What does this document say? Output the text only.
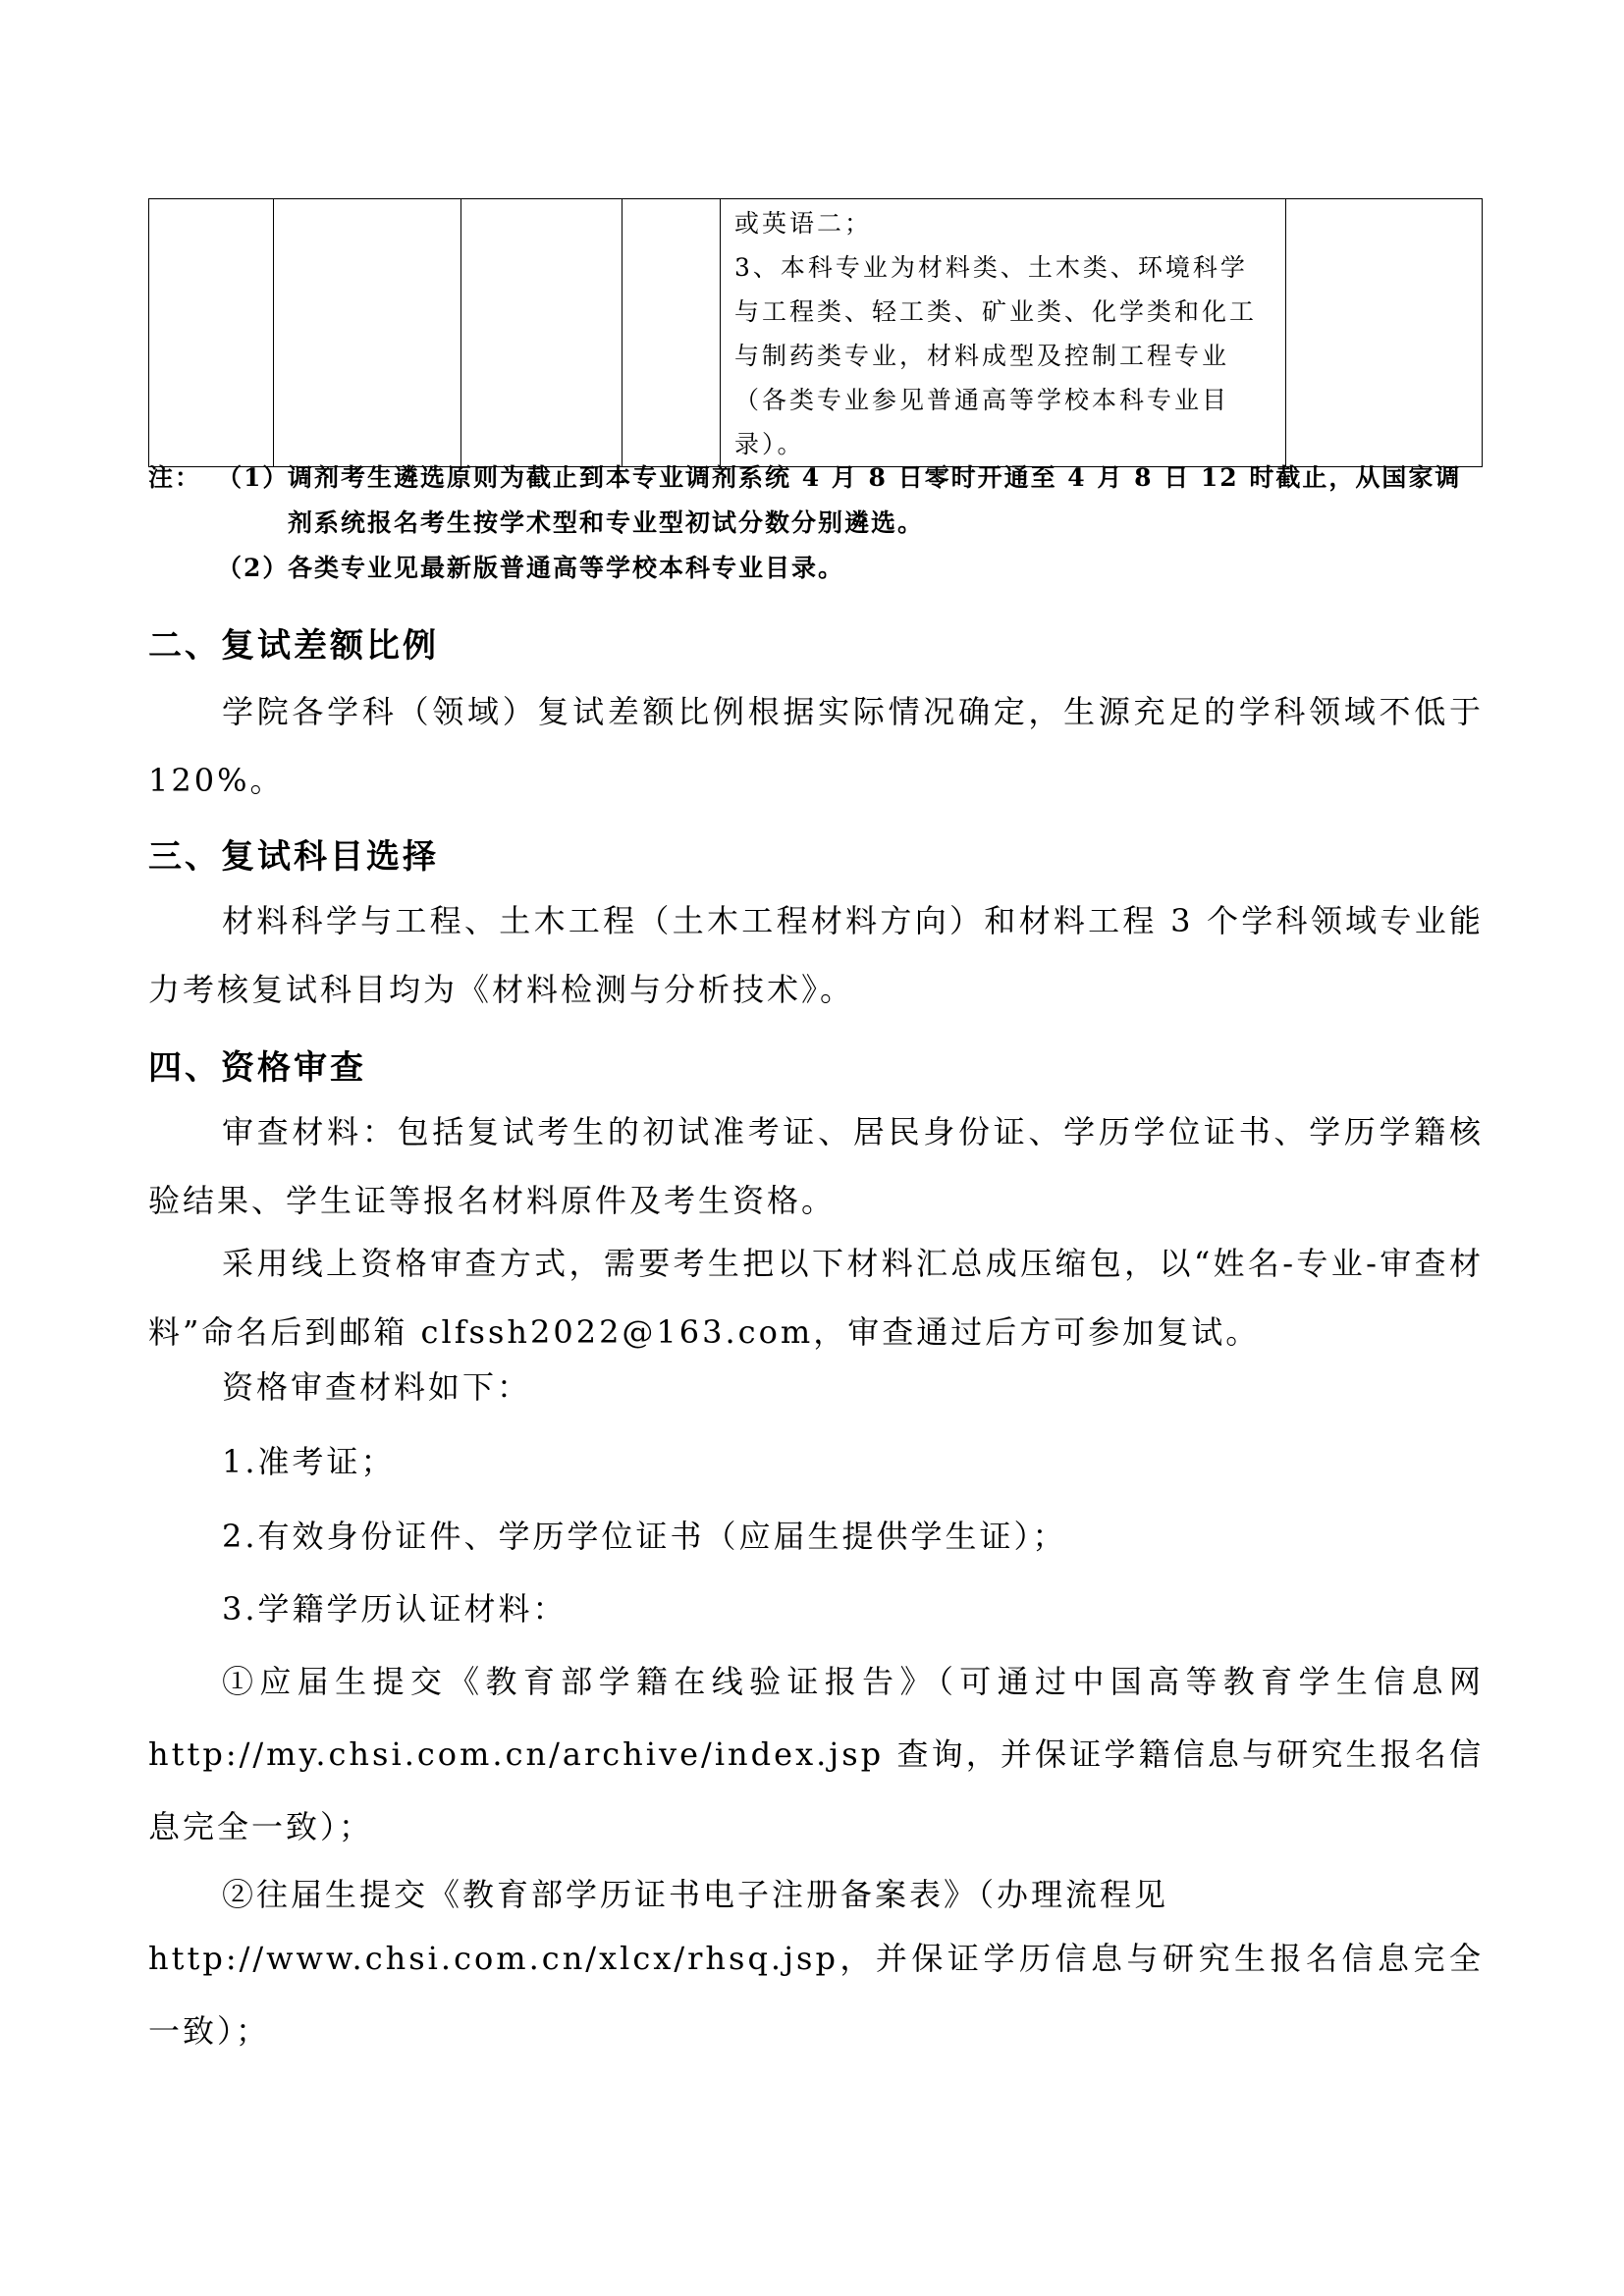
或英语二；
3、本科专业为材料类、土木类、环境科学
与工程类、轻工类、矿业类、化学类和化工
与制药类专业，材料成型及控制工程专业
（各类专业参见普通高等学校本科专业目
录）。

注： （1）
调剂考生遴选原则为截止到本专业调剂系统 4 月 8 日零时开通至 4 月 8 日 12 时截止，从国家调
剂系统报名考生按学术型和专业型初试分数分别遴选。
（2）
各类专业见最新版普通高等学校本科专业目录。
二、复试差额比例
学院各学科（领域）复试差额比例根据实际情况确定，生源充足的学科领域不低于 120%。
三、复试科目选择
材料科学与工程、土木工程（土木工程材料方向）和材料工程 3 个学科领域专业能力考核复试科目均为《材料检测与分析技术》。
四、资格审查
审查材料：包括复试考生的初试准考证、居民身份证、学历学位证书、学历学籍核验结果、学生证等报名材料原件及考生资格。
采用线上资格审查方式，需要考生把以下材料汇总成压缩包，以“姓名-专业-审查材料”命名后到邮箱 clfssh2022@163.com，审查通过后方可参加复试。
资格审查材料如下：
1.准考证；
2.有效身份证件、学历学位证书（应届生提供学生证）；
3.学籍学历认证材料：
①应届生提交《教育部学籍在线验证报告》（可通过中国高等教育学生信息网 http://my.chsi.com.cn/archive/index.jsp 查询，并保证学籍信息与研究生报名信息完全一致）；
②往届生提交《教育部学历证书电子注册备案表》（办理流程见
http://www.chsi.com.cn/xlcx/rhsq.jsp，并保证学历信息与研究生报名信息完全一致）；
